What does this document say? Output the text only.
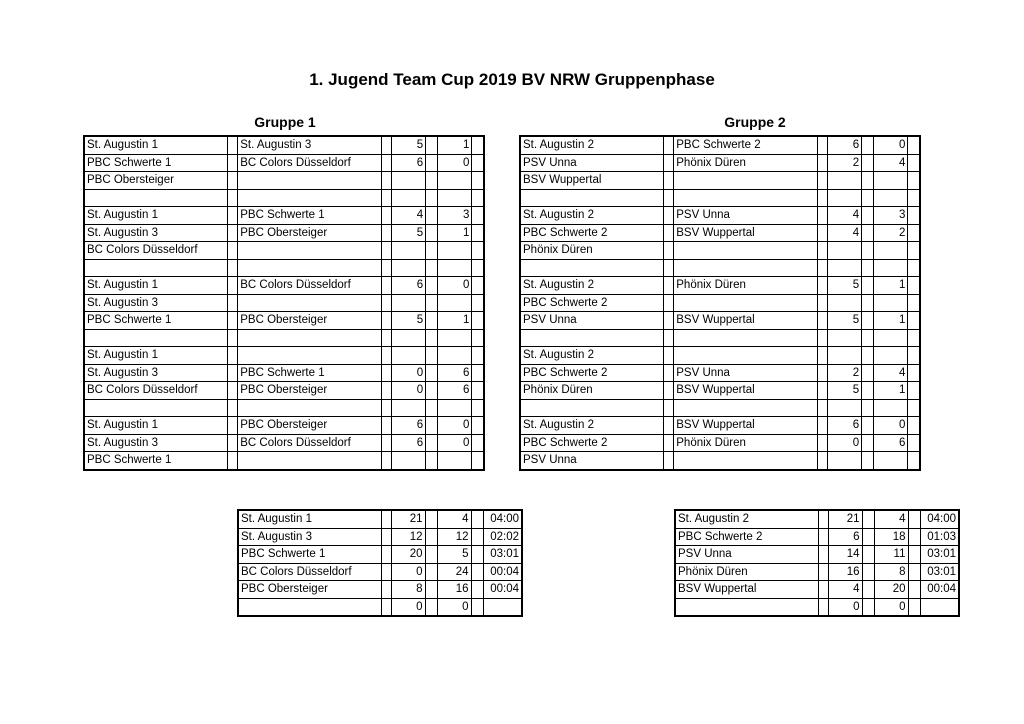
1. Jugend Team Cup 2019 BV NRW Gruppenphase
Gruppe 1	Gruppe 2
St. Augustin 1		St. Augustin 3		5		1	
PBC Schwerte 1		BC Colors Düsseldorf		6		0	
PBC Obersteiger							

St. Augustin 1		PBC Schwerte 1		4		3	
St. Augustin 3		PBC Obersteiger		5		1	
BC Colors Düsseldorf							

St. Augustin 1		BC Colors Düsseldorf		6		0	
St. Augustin 3							
PBC Schwerte 1		PBC Obersteiger		5		1	

St. Augustin 1							
St. Augustin 3		PBC Schwerte 1		0		6	
BC Colors Düsseldorf		PBC Obersteiger		0		6	

St. Augustin 1		PBC Obersteiger		6		0	
St. Augustin 3		BC Colors Düsseldorf		6		0	
PBC Schwerte 1							
St. Augustin 2		PBC Schwerte 2		6		0	
PSV Unna		Phönix Düren		2		4	
BSV Wuppertal							

St. Augustin 2		PSV Unna		4		3	
PBC Schwerte 2		BSV Wuppertal		4		2	
Phönix Düren							

St. Augustin 2		Phönix Düren		5		1	
PBC Schwerte 2							
PSV Unna		BSV Wuppertal		5		1	

St. Augustin 2							
PBC Schwerte 2		PSV Unna		2		4	
Phönix Düren		BSV Wuppertal		5		1	

St. Augustin 2		BSV Wuppertal		6		0	
PBC Schwerte 2		Phönix Düren		0		6	
PSV Unna							
St. Augustin 1		21		4		04:00
St. Augustin 3		12		12		02:02
PBC Schwerte 1		20		5		03:01
BC Colors Düsseldorf		0		24		00:04
PBC Obersteiger		8		16		00:04
		0		0		
St. Augustin 2		21		4		04:00
PBC Schwerte 2		6		18		01:03
PSV Unna		14		11		03:01
Phönix Düren		16		8		03:01
BSV Wuppertal		4		20		00:04
		0		0		
